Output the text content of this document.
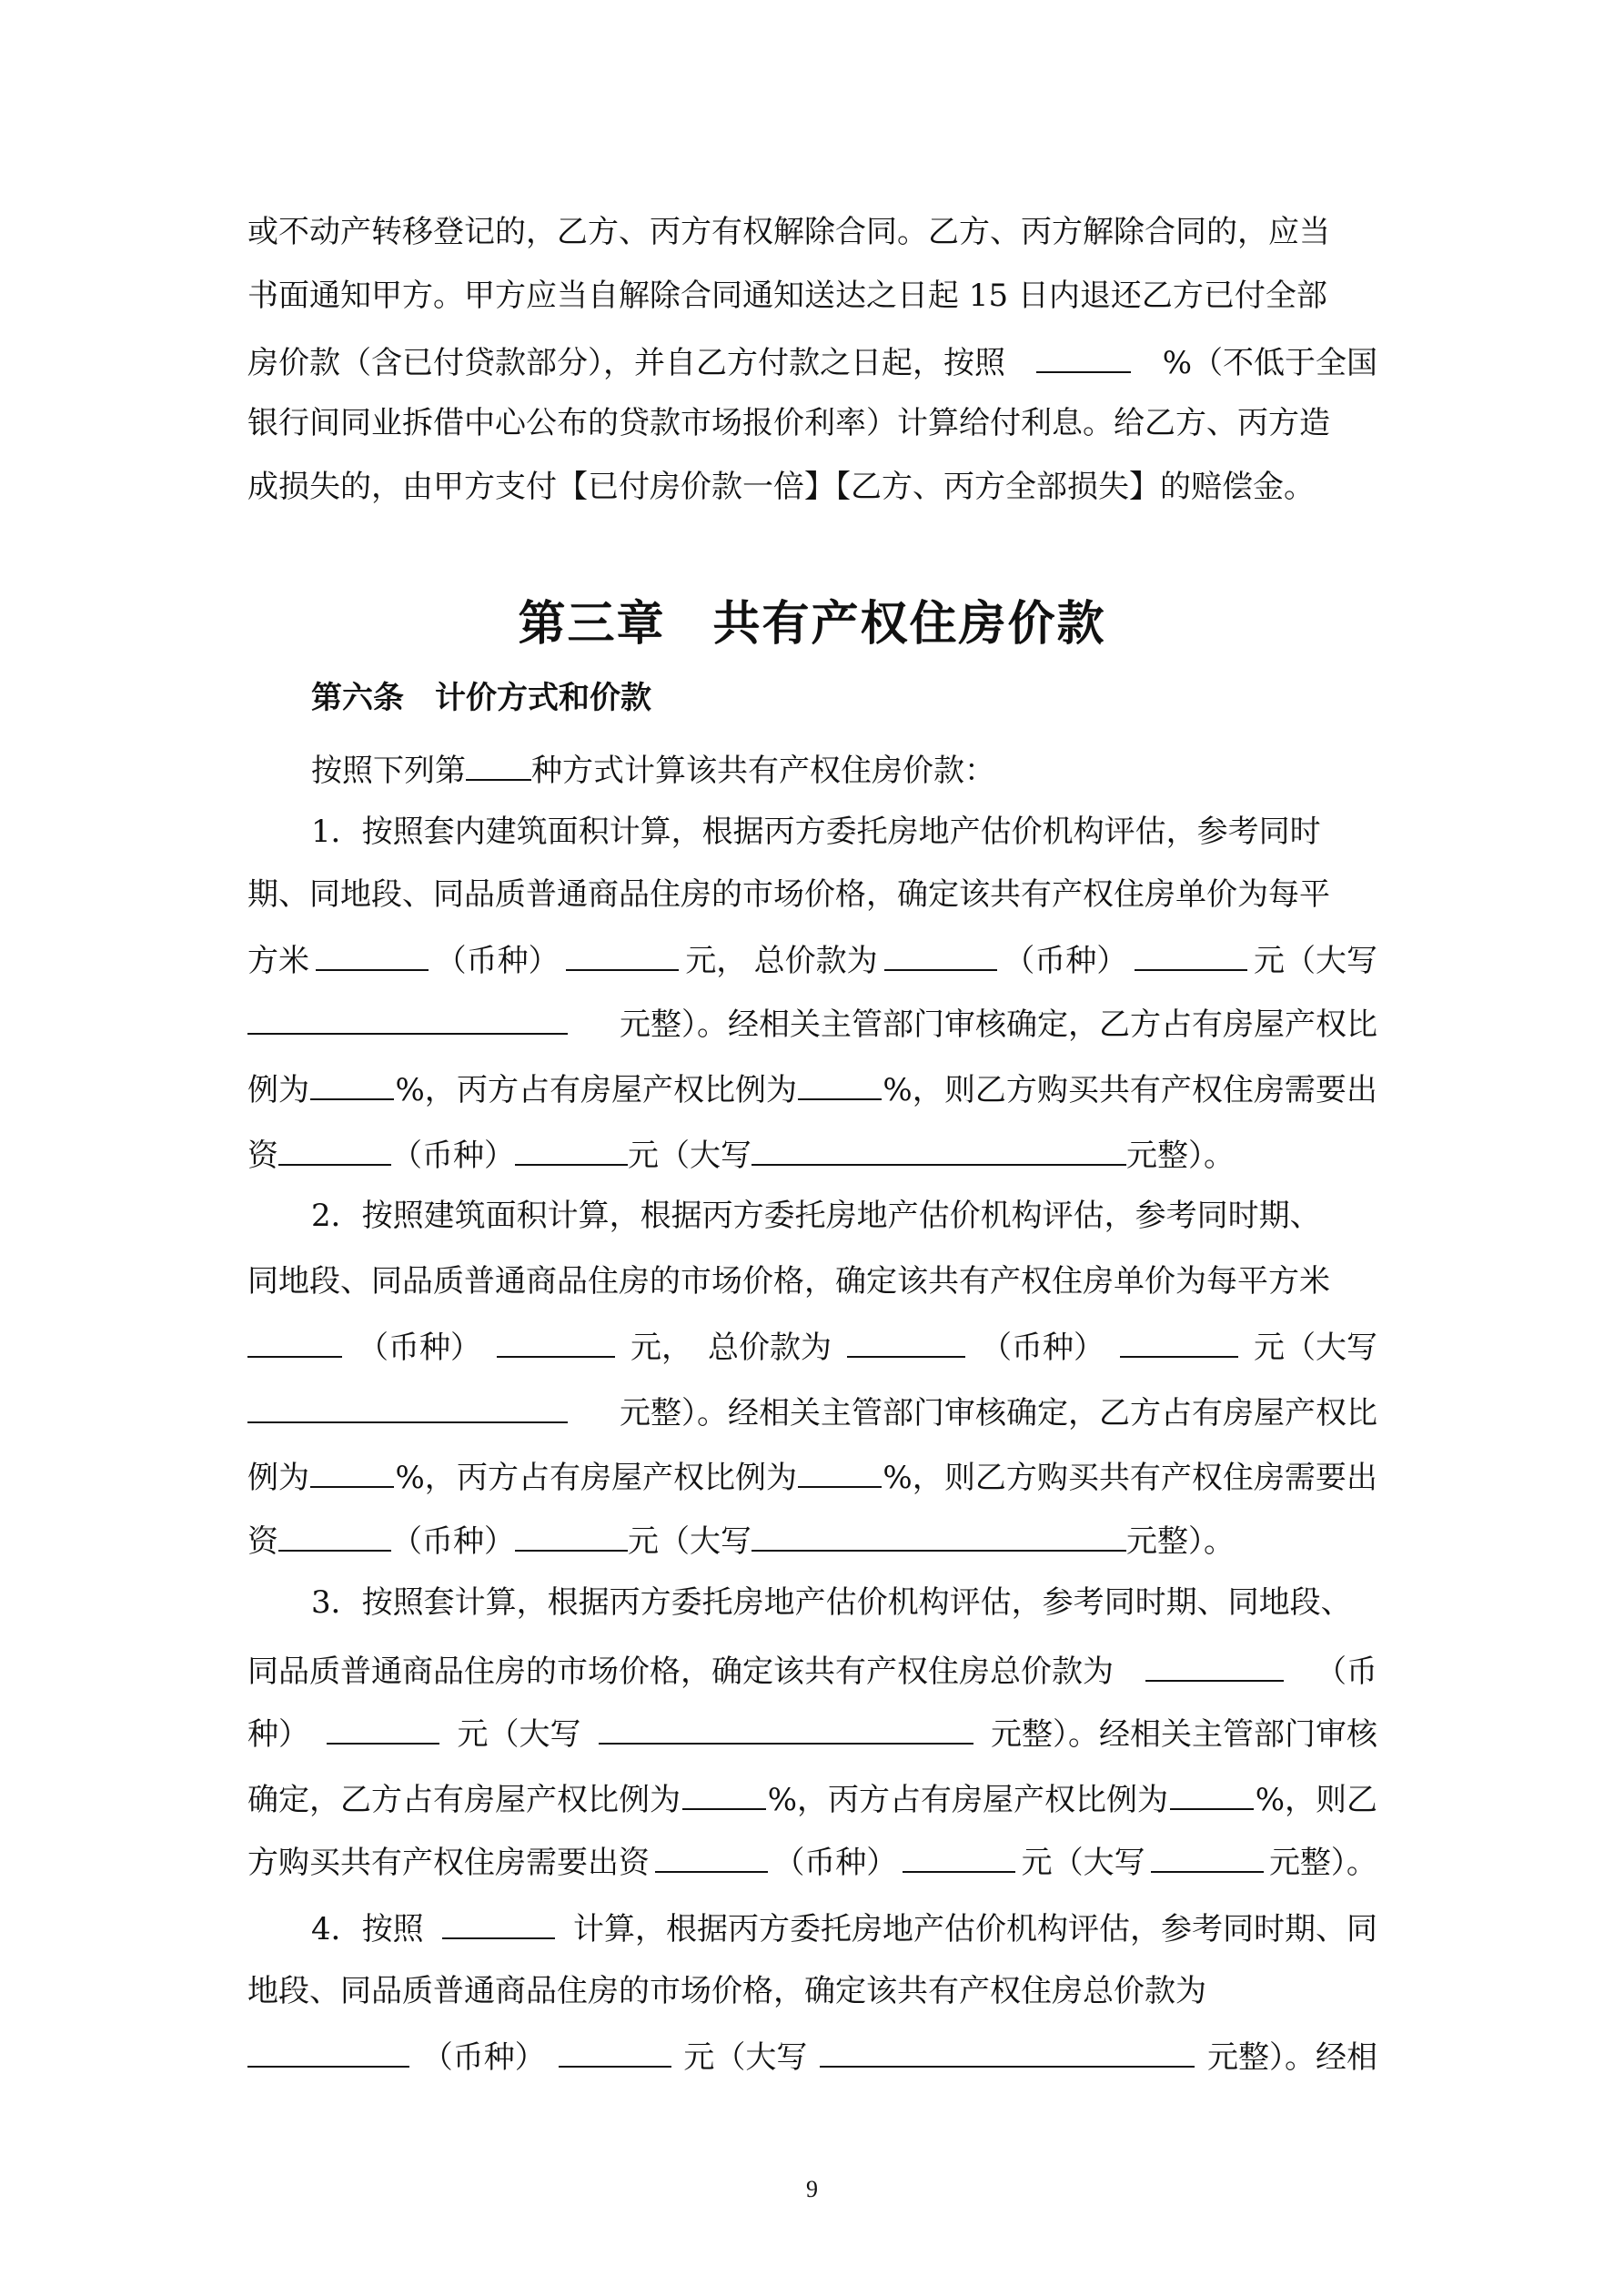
或不动产转移登记的，乙方、丙方有权解除合同。乙方、丙方解除合同的，应当
书面通知甲方。甲方应当自解除合同通知送达之日起 15 日内退还乙方已付全部
房价款（含已付贷款部分），并自乙方付款之日起，按照	%（不低于全国
银行间同业拆借中心公布的贷款市场报价利率）计算给付利息。给乙方、丙方造
成损失的，由甲方支付【已付房价款一倍】【乙方、丙方全部损失】的赔偿金。
第三章 共有产权住房价款
第六条 计价方式和价款
按照下列第 种方式计算该共有产权住房价款：
1．按照套内建筑面积计算，根据丙方委托房地产估价机构评估，参考同时
期、同地段、同品质普通商品住房的市场价格，确定该共有产权住房单价为每平
方米	（币种）	元， 总价款为	（币种）	元（大写
元整）。经相关主管部门审核确定，乙方占有房屋产权比
例为	%， 丙方占有房屋产权比例为	%， 则乙方购买共有产权住房需要出
资	（币种）	元（大写	元整）。
2．按照建筑面积计算，根据丙方委托房地产估价机构评估，参考同时期、
同地段、同品质普通商品住房的市场价格，确定该共有产权住房单价为每平方米
（币种）	元， 总价款为	（币种）	元（大写
元整）。经相关主管部门审核确定，乙方占有房屋产权比
例为	%， 丙方占有房屋产权比例为	%， 则乙方购买共有产权住房需要出
资	（币种）	元（大写	元整）。
3．按照套计算，根据丙方委托房地产估价机构评估，参考同时期、同地段、
同品质普通商品住房的市场价格，确定该共有产权住房总价款为	（币
种）	元（大写	元整）。经相关主管部门审核
确定，乙方占有房屋产权比例为	%，丙方占有房屋产权比例为	%，则乙
方购买共有产权住房需要出资	（币种）	元（大写	元整）。
4．按照	计算，根据丙方委托房地产估价机构评估，参考同时期、同
地段、同品质普通商品住房的市场价格，确定该共有产权住房总价款为
（币种）	元（大写	元整）。经相
9
